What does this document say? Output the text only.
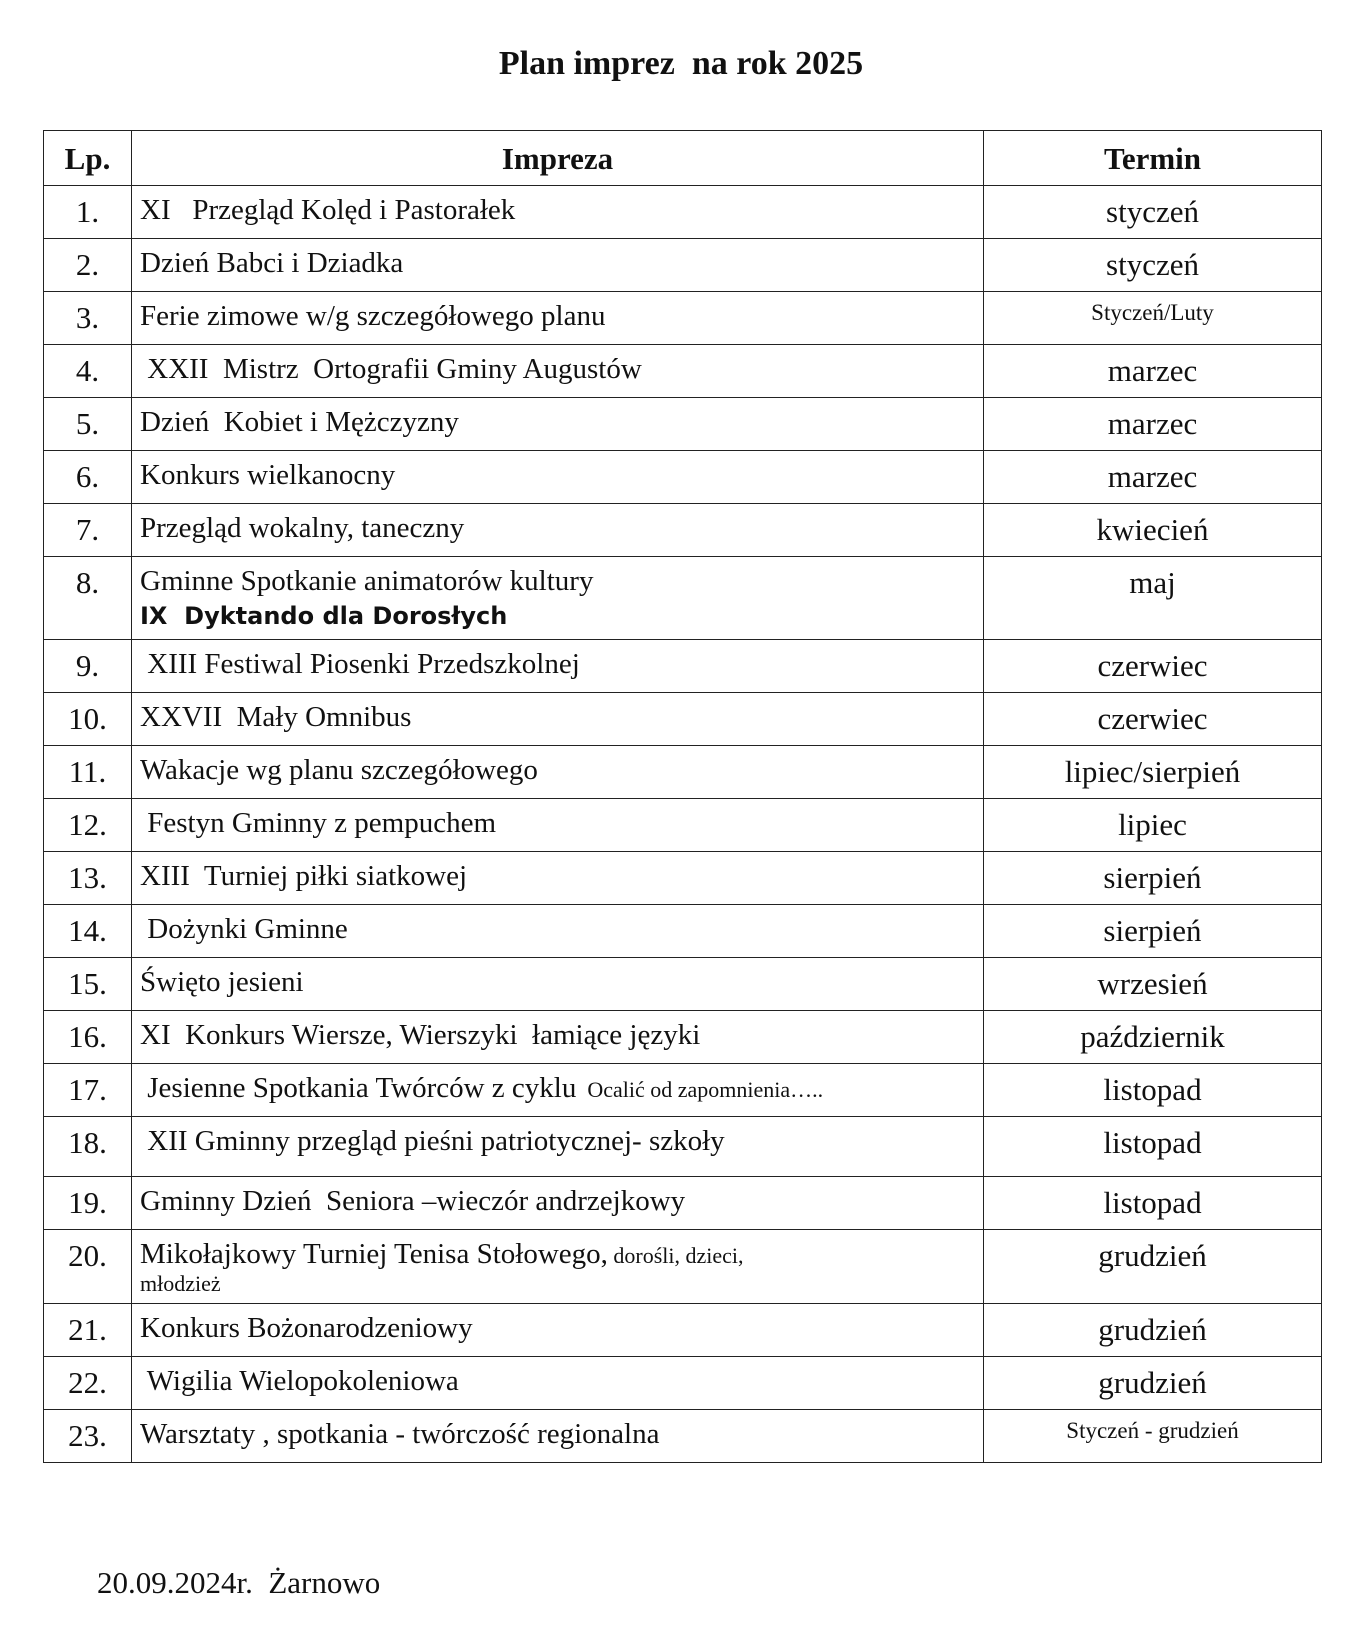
Plan imprez  na rok 2025
Lp.	Impreza	Termin
1.	XI   Przegląd Kolęd i Pastorałek	styczeń
2.	Dzień Babci i Dziadka	styczeń
3.	Ferie zimowe w/g szczegółowego planu	Styczeń/Luty
4.	XXII  Mistrz  Ortografii Gminy Augustów	marzec
5.	Dzień  Kobiet i Mężczyzny	marzec
6.	Konkurs wielkanocny	marzec
7.	Przegląd wokalny, taneczny	kwiecień
8.	Gminne Spotkanie animatorów kultury
IX  Dyktando dla Dorosłych	maj
9.	XIII Festiwal Piosenki Przedszkolnej	czerwiec
10.	XXVII  Mały Omnibus	czerwiec
11.	Wakacje wg planu szczegółowego	lipiec/sierpień
12.	Festyn Gminny z pempuchem	lipiec
13.	XIII  Turniej piłki siatkowej	sierpień
14.	Dożynki Gminne	sierpień
15.	Święto jesieni	wrzesień
16.	XI  Konkurs Wiersze, Wierszyki  łamiące języki	październik
17.	Jesienne Spotkania Twórców z cyklu  Ocalić od zapomnienia…..	listopad
18.	XII Gminny przegląd pieśni patriotycznej- szkoły	listopad
19.	Gminny Dzień  Seniora –wieczór andrzejkowy	listopad
20.	Mikołajkowy Turniej Tenisa Stołowego, dorośli, dzieci,
młodzież	grudzień
21.	Konkurs Bożonarodzeniowy	grudzień
22.	Wigilia Wielopokoleniowa	grudzień
23.	Warsztaty , spotkania - twórczość regionalna	Styczeń - grudzień
20.09.2024r.  Żarnowo
